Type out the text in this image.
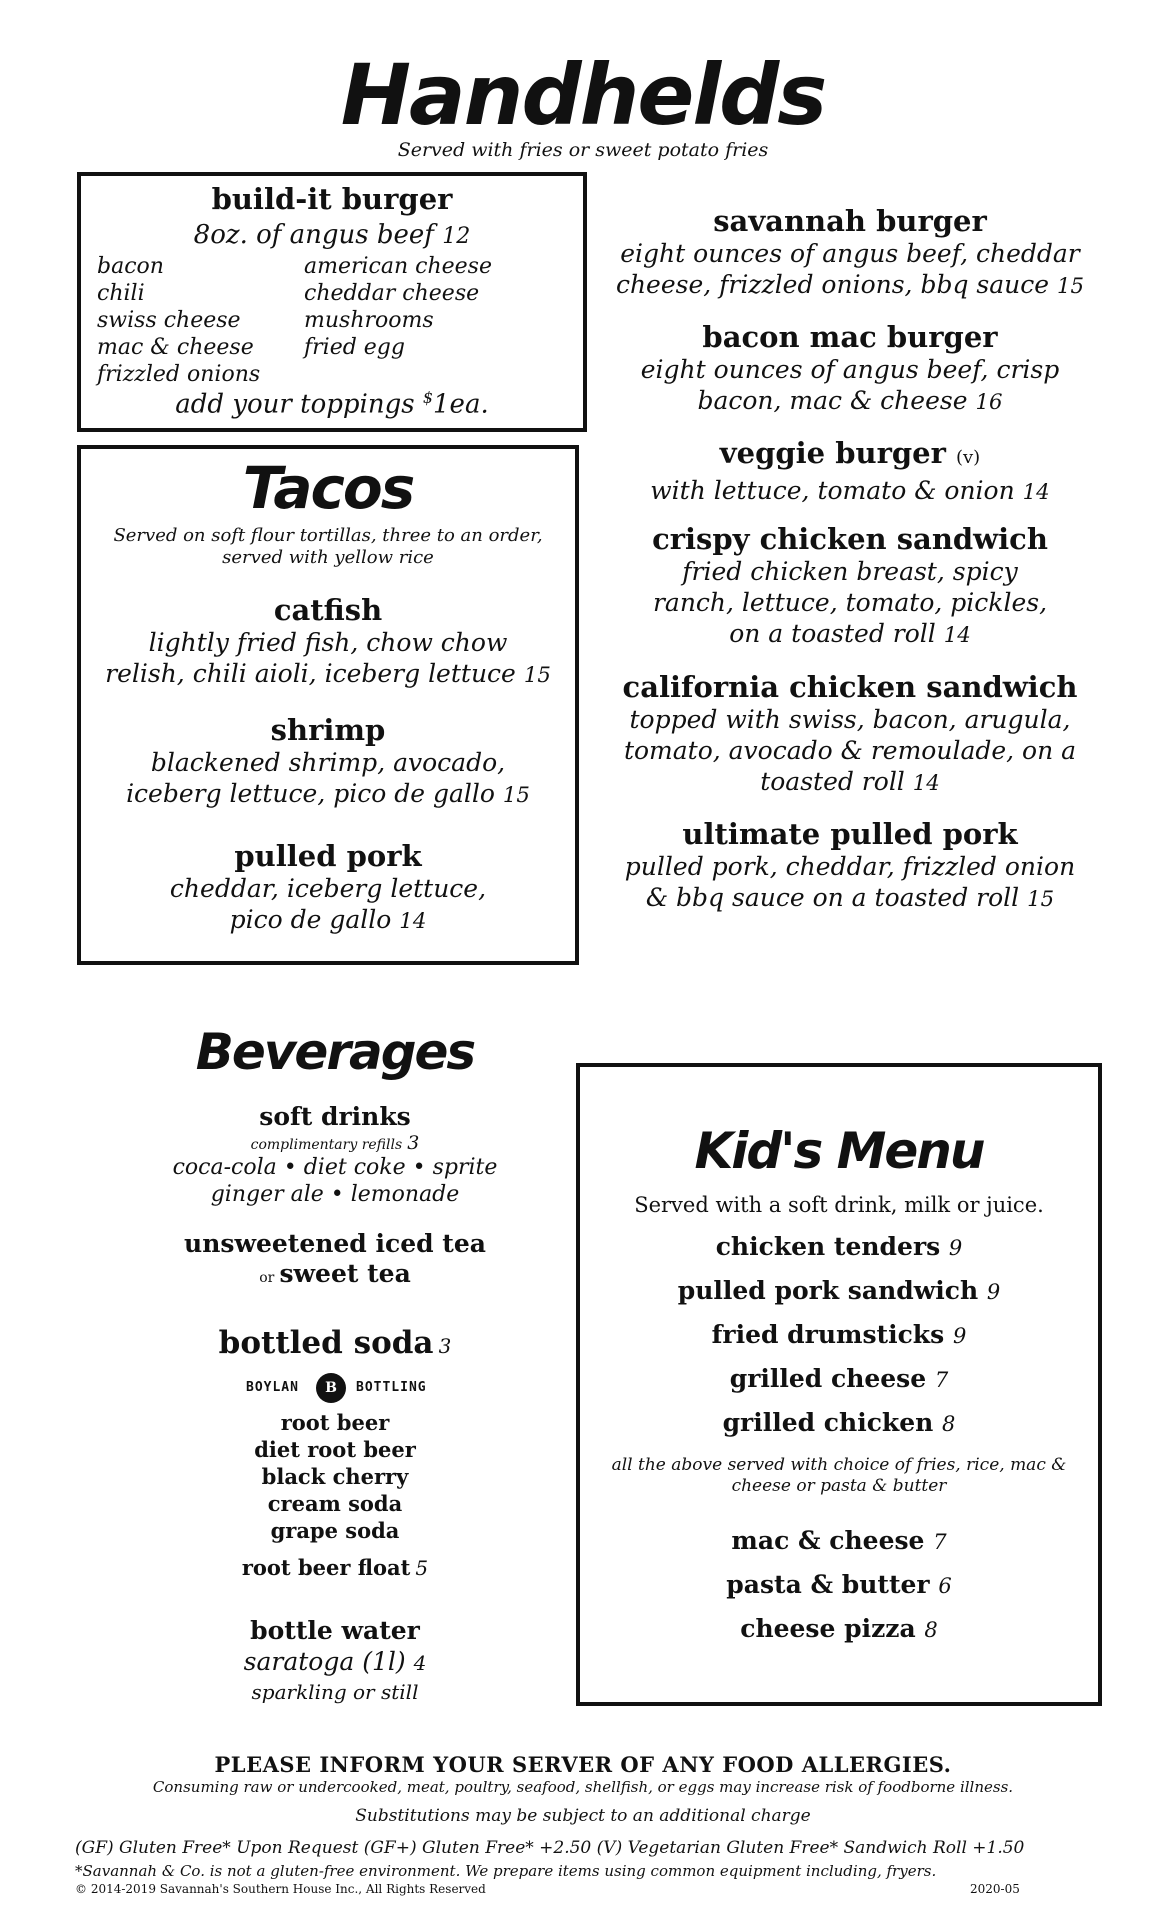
Handhelds
Served with fries or sweet potato fries
build-it burger
8oz. of angus beef 12
bacon
chili
swiss cheese
mac & cheese
frizzled onions
american cheese
cheddar cheese
mushrooms
fried egg
add your toppings $1ea.
savannah burger
eight ounces of angus beef, cheddar cheese, frizzled onions, bbq sauce 15
bacon mac burger
eight ounces of angus beef, crisp bacon, mac & cheese 16
veggie burger (v)
with lettuce, tomato & onion 14
crispy chicken sandwich
fried chicken breast, spicy ranch, lettuce, tomato, pickles, on a toasted roll 14
california chicken sandwich
topped with swiss, bacon, arugula, tomato, avocado & remoulade, on a toasted roll 14
ultimate pulled pork
pulled pork, cheddar, frizzled onion & bbq sauce on a toasted roll 15
Tacos
Served on soft flour tortillas, three to an order,
served with yellow rice
catfish
lightly fried fish, chow chow
relish, chili aioli, iceberg lettuce 15
shrimp
blackened shrimp, avocado,
iceberg lettuce, pico de gallo 15
pulled pork
cheddar, iceberg lettuce,
pico de gallo 14
Beverages
soft drinks
complimentary refills 3
coca-cola • diet coke • sprite
ginger ale • lemonade
unsweetened iced tea
or sweet tea
bottled soda 3
BOYLAN	B	BOTTLING
root beer
diet root beer
black cherry
cream soda
grape soda
root beer float 5
bottle water
saratoga (1l) 4
sparkling or still
Kid's Menu
Served with a soft drink, milk or juice.
chicken tenders 9
pulled pork sandwich 9
fried drumsticks 9
grilled cheese 7
grilled chicken 8
all the above served with choice of fries, rice, mac &
cheese or pasta & butter
mac & cheese 7
pasta & butter 6
cheese pizza 8
PLEASE INFORM YOUR SERVER OF ANY FOOD ALLERGIES.
Consuming raw or undercooked, meat, poultry, seafood, shellfish, or eggs may increase risk of foodborne illness.
Substitutions may be subject to an additional charge
(GF) Gluten Free* Upon Request (GF+) Gluten Free* +2.50 (V) Vegetarian Gluten Free* Sandwich Roll +1.50
*Savannah & Co. is not a gluten-free environment. We prepare items using common equipment including, fryers.
© 2014-2019 Savannah's Southern House Inc., All Rights Reserved	2020-05
